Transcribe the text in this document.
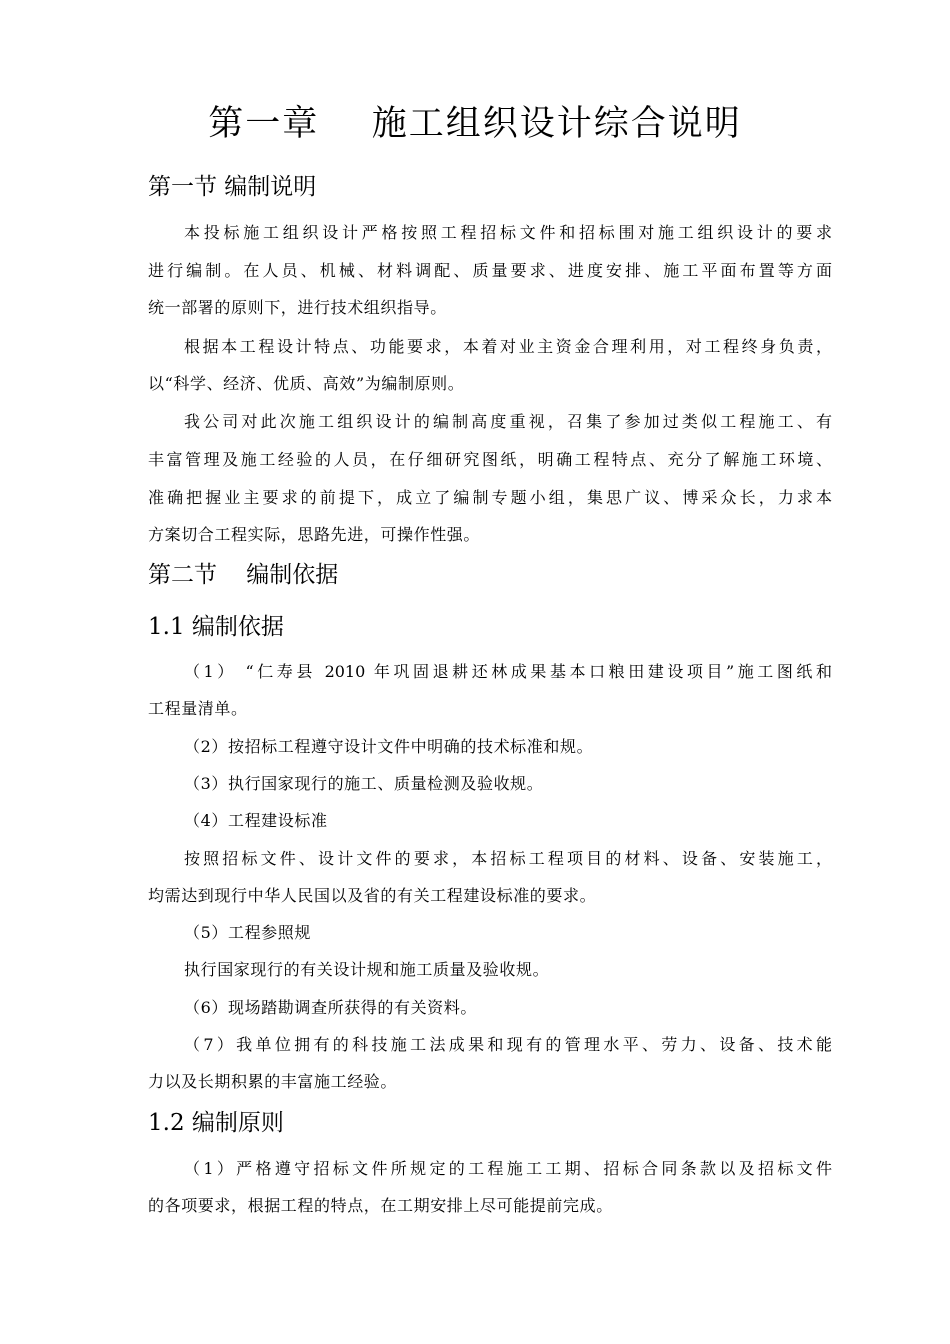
第一章    施工组织设计综合说明
第一节 编制说明
本投标施工组织设计严格按照工程招标文件和招标围对施工组织设计的要求
进行编制。在人员、机械、材料调配、质量要求、进度安排、施工平面布置等方面
统一部署的原则下，进行技术组织指导。
根据本工程设计特点、功能要求，本着对业主资金合理利用，对工程终身负责，
以“科学、经济、优质、高效”为编制原则。
我公司对此次施工组织设计的编制高度重视，召集了参加过类似工程施工、有
丰富管理及施工经验的人员，在仔细研究图纸，明确工程特点、充分了解施工环境、
准确把握业主要求的前提下，成立了编制专题小组，集思广议、博采众长，力求本
方案切合工程实际，思路先进，可操作性强。
第二节    编制依据
1.1 编制依据
（1） “仁寿县 2010 年巩固退耕还林成果基本口粮田建设项目”施工图纸和
工程量清单。
（2）按招标工程遵守设计文件中明确的技术标准和规。
（3）执行国家现行的施工、质量检测及验收规。
（4）工程建设标准
按照招标文件、设计文件的要求，本招标工程项目的材料、设备、安装施工，
均需达到现行中华人民国以及省的有关工程建设标准的要求。
（5）工程参照规
执行国家现行的有关设计规和施工质量及验收规。
（6）现场踏勘调查所获得的有关资料。
（7）我单位拥有的科技施工法成果和现有的管理水平、劳力、设备、技术能
力以及长期积累的丰富施工经验。
1.2 编制原则
（1）严格遵守招标文件所规定的工程施工工期、招标合同条款以及招标文件
的各项要求，根据工程的特点，在工期安排上尽可能提前完成。
